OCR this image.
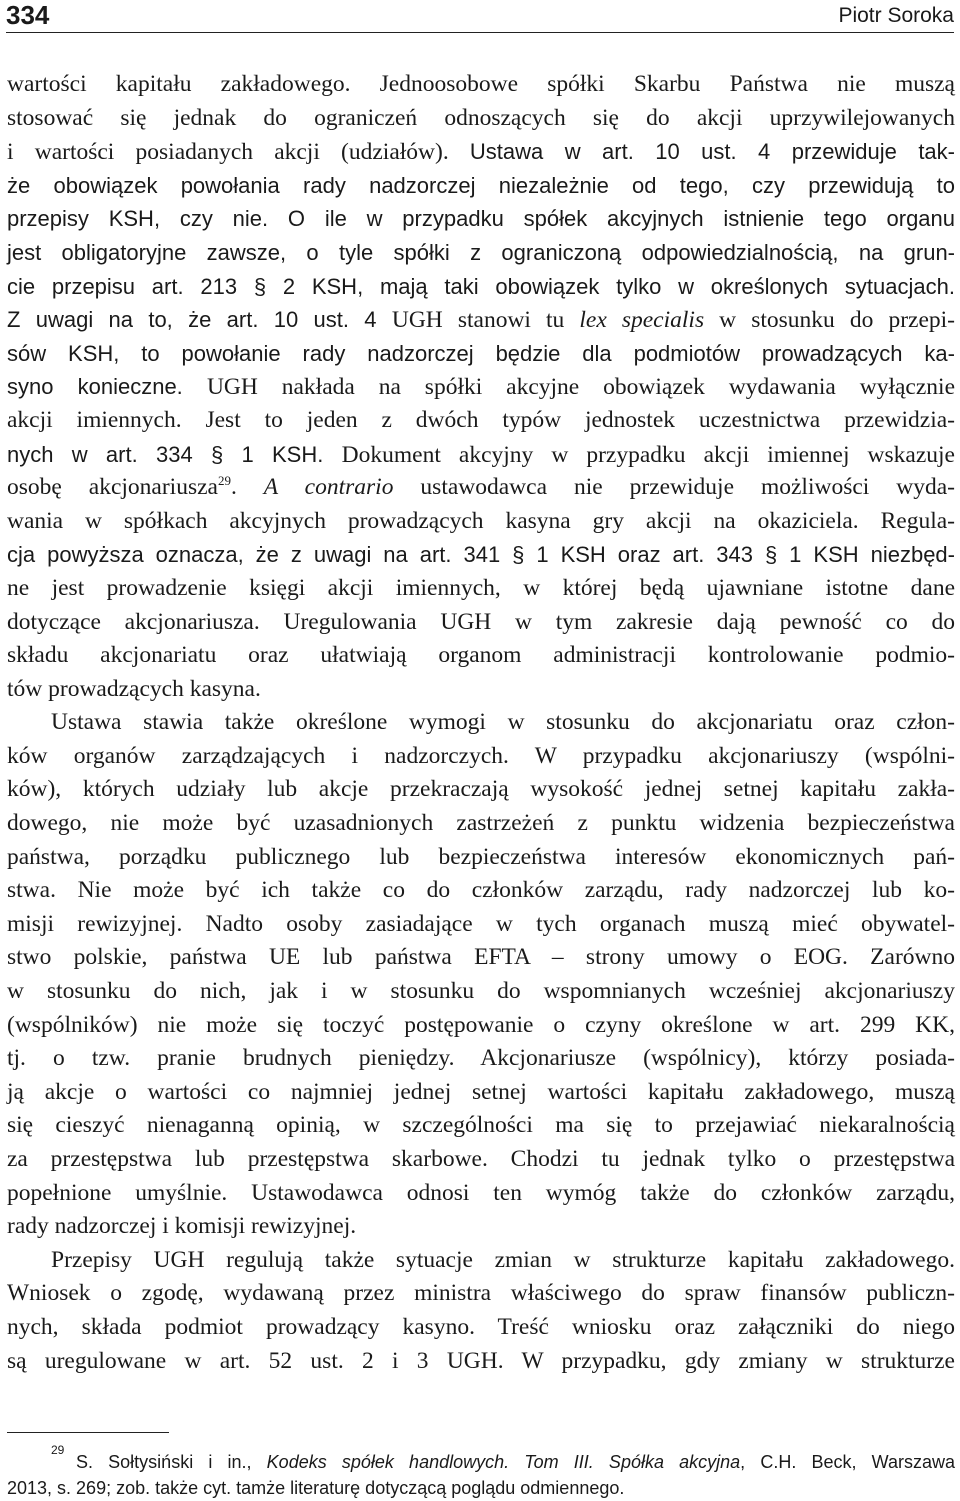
334	Piotr Soroka
wartości kapitału zakładowego. Jednoosobowe spółki Skarbu Państwa nie muszą
stosować się jednak do ograniczeń odnoszących się do akcji uprzywilejowanych
i wartości posiadanych akcji (udziałów). Ustawa w art. 10 ust. 4 przewiduje tak-
że obowiązek powołania rady nadzorczej niezależnie od tego, czy przewidują to
przepisy KSH, czy nie. O ile w przypadku spółek akcyjnych istnienie tego organu
jest obligatoryjne zawsze, o tyle spółki z ograniczoną odpowiedzialnością, na grun-
cie przepisu art. 213 § 2 KSH, mają taki obowiązek tylko w określonych sytuacjach.
Z uwagi na to, że art. 10 ust. 4 UGH stanowi tu lex specialis w stosunku do przepi-
sów KSH, to powołanie rady nadzorczej będzie dla podmiotów prowadzących ka-
syno konieczne. UGH nakłada na spółki akcyjne obowiązek wydawania wyłącznie
akcji imiennych. Jest to jeden z dwóch typów jednostek uczestnictwa przewidzia-
nych w art. 334 § 1 KSH. Dokument akcyjny w przypadku akcji imiennej wskazuje
osobę akcjonariusza$^{29}$. A contrario ustawodawca nie przewiduje możliwości wyda-
wania w spółkach akcyjnych prowadzących kasyna gry akcji na okaziciela. Regula-
cja powyższa oznacza, że z uwagi na art. 341 § 1 KSH oraz art. 343 § 1 KSH niezbęd-
ne jest prowadzenie księgi akcji imiennych, w której będą ujawniane istotne dane
dotyczące akcjonariusza. Uregulowania UGH w tym zakresie dają pewność co do
składu akcjonariatu oraz ułatwiają organom administracji kontrolowanie podmio-
tów prowadzących kasyna.
Ustawa stawia także określone wymogi w stosunku do akcjonariatu oraz człon-
ków organów zarządzających i nadzorczych. W przypadku akcjonariuszy (wspólni-
ków), których udziały lub akcje przekraczają wysokość jednej setnej kapitału zakła-
dowego, nie może być uzasadnionych zastrzeżeń z punktu widzenia bezpieczeństwa
państwa, porządku publicznego lub bezpieczeństwa interesów ekonomicznych pań-
stwa. Nie może być ich także co do członków zarządu, rady nadzorczej lub ko-
misji rewizyjnej. Nadto osoby zasiadające w tych organach muszą mieć obywatel-
stwo polskie, państwa UE lub państwa EFTA – strony umowy o EOG. Zarówno
w stosunku do nich, jak i w stosunku do wspomnianych wcześniej akcjonariuszy
(wspólników) nie może się toczyć postępowanie o czyny określone w art. 299 KK,
tj. o tzw. pranie brudnych pieniędzy. Akcjonariusze (wspólnicy), którzy posiada-
ją akcje o wartości co najmniej jednej setnej wartości kapitału zakładowego, muszą
się cieszyć nienaganną opinią, w szczególności ma się to przejawiać niekaralnością
za przestępstwa lub przestępstwa skarbowe. Chodzi tu jednak tylko o przestępstwa
popełnione umyślnie. Ustawodawca odnosi ten wymóg także do członków zarządu,
rady nadzorczej i komisji rewizyjnej.
Przepisy UGH regulują także sytuacje zmian w strukturze kapitału zakładowego.
Wniosek o zgodę, wydawaną przez ministra właściwego do spraw finansów publiczn-
nych, składa podmiot prowadzący kasyno. Treść wniosku oraz załączniki do niego
są uregulowane w art. 52 ust. 2 i 3 UGH. W przypadku, gdy zmiany w strukturze
29
S. Sołtysiński i in., Kodeks spółek handlowych. Tom III. Spółka akcyjna, C.H. Beck, Warszawa
2013, s. 269; zob. także cyt. tamże literaturę dotyczącą poglądu odmiennego.
